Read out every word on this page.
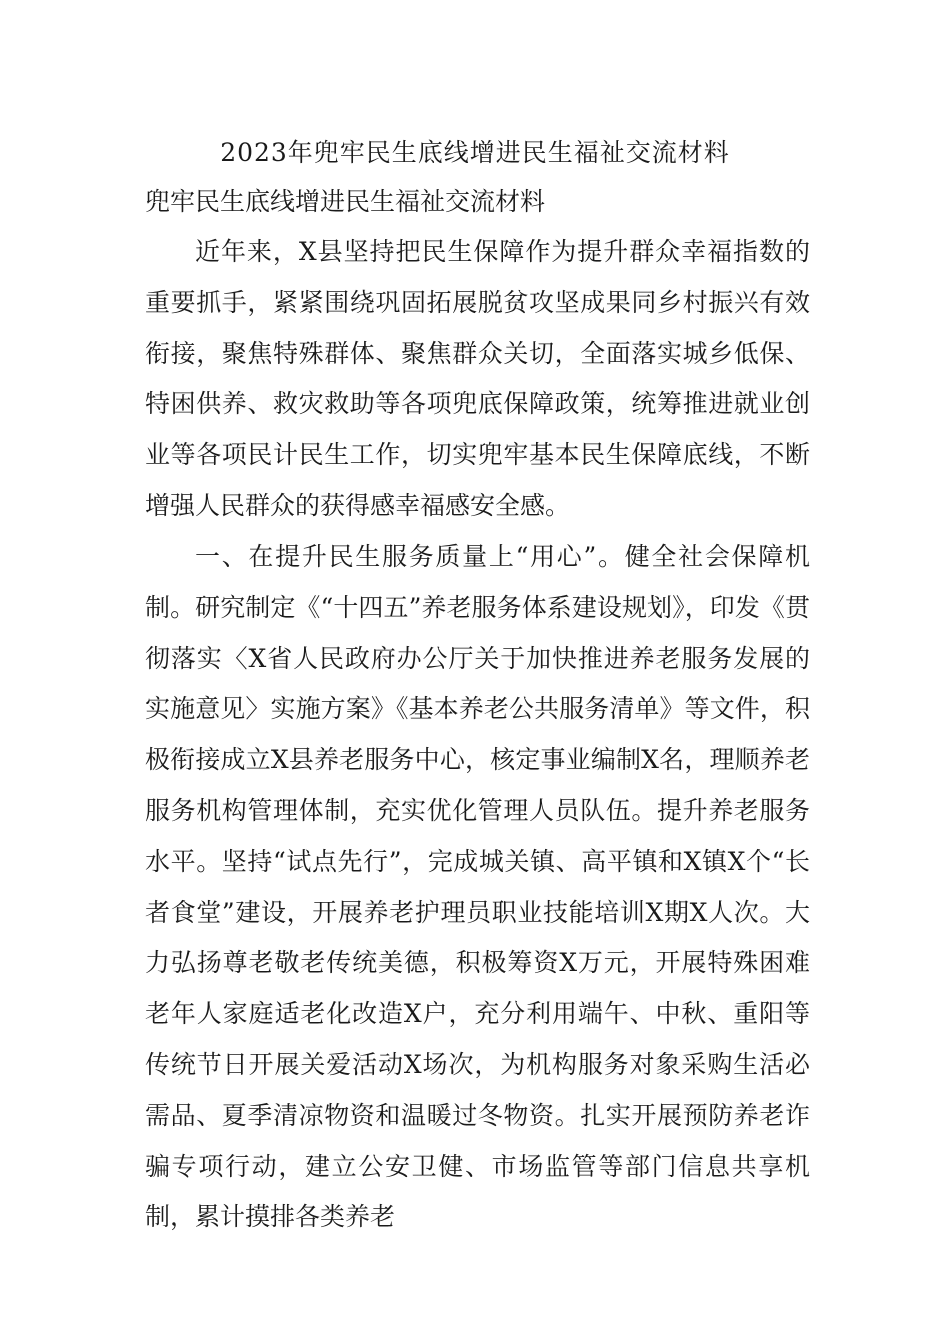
2023年兜牢民生底线增进民生福祉交流材料
兜牢民生底线增进民生福祉交流材料

近年来，X县坚持把民生保障作为提升群众幸福指数的重要抓手，紧紧围绕巩固拓展脱贫攻坚成果同乡村振兴有效衔接，聚焦特殊群体、聚焦群众关切，全面落实城乡低保、特困供养、救灾救助等各项兜底保障政策，统筹推进就业创业等各项民计民生工作，切实兜牢基本民生保障底线，不断增强人民群众的获得感幸福感安全感。

一、在提升民生服务质量上“用心”。健全社会保障机制。研究制定《“十四五”养老服务体系建设规划》，印发《贯彻落实〈X省人民政府办公厅关于加快推进养老服务发展的实施意见〉实施方案》《基本养老公共服务清单》等文件，积极衔接成立X县养老服务中心，核定事业编制X名，理顺养老服务机构管理体制，充实优化管理人员队伍。提升养老服务水平。坚持“试点先行”，完成城关镇、高平镇和X镇X个“长者食堂”建设，开展养老护理员职业技能培训X期X人次。大力弘扬尊老敬老传统美德，积极筹资X万元，开展特殊困难老年人家庭适老化改造X户，充分利用端午、中秋、重阳等传统节日开展关爱活动X场次，为机构服务对象采购生活必需品、夏季清凉物资和温暖过冬物资。扎实开展预防养老诈骗专项行动，建立公安卫健、市场监管等部门信息共享机制，累计摸排各类养老
